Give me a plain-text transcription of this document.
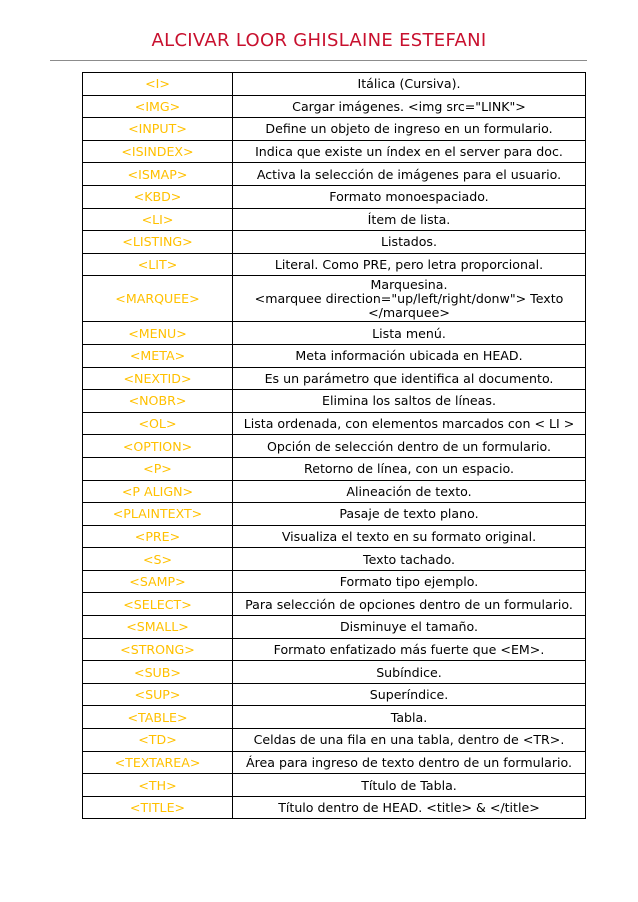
ALCIVAR LOOR GHISLAINE ESTEFANI
<I>	Itálica (Cursiva).
<IMG>	Cargar imágenes. <img src="LINK">
<INPUT>	Define un objeto de ingreso en un formulario.
<ISINDEX>	Indica que existe un índex en el server para doc.
<ISMAP>	Activa la selección de imágenes para el usuario.
<KBD>	Formato monoespaciado.
<LI>	Ítem de lista.
<LISTING>	Listados.
<LIT>	Literal. Como PRE, pero letra proporcional.
<MARQUEE>	Marquesina.
<marquee direction="up/left/right/donw"> Texto
</marquee>
<MENU>	Lista menú.
<META>	Meta información ubicada en HEAD.
<NEXTID>	Es un parámetro que identifica al documento.
<NOBR>	Elimina los saltos de líneas.
<OL>	Lista ordenada, con elementos marcados con < LI >
<OPTION>	Opción de selección dentro de un formulario.
<P>	Retorno de línea, con un espacio.
<P ALIGN>	Alineación de texto.
<PLAINTEXT>	Pasaje de texto plano.
<PRE>	Visualiza el texto en su formato original.
<S>	Texto tachado.
<SAMP>	Formato tipo ejemplo.
<SELECT>	Para selección de opciones dentro de un formulario.
<SMALL>	Disminuye el tamaño.
<STRONG>	Formato enfatizado más fuerte que <EM>.
<SUB>	Subíndice.
<SUP>	Superíndice.
<TABLE>	Tabla.
<TD>	Celdas de una fila en una tabla, dentro de <TR>.
<TEXTAREA>	Área para ingreso de texto dentro de un formulario.
<TH>	Título de Tabla.
<TITLE>	Título dentro de HEAD. <title> & </title>
